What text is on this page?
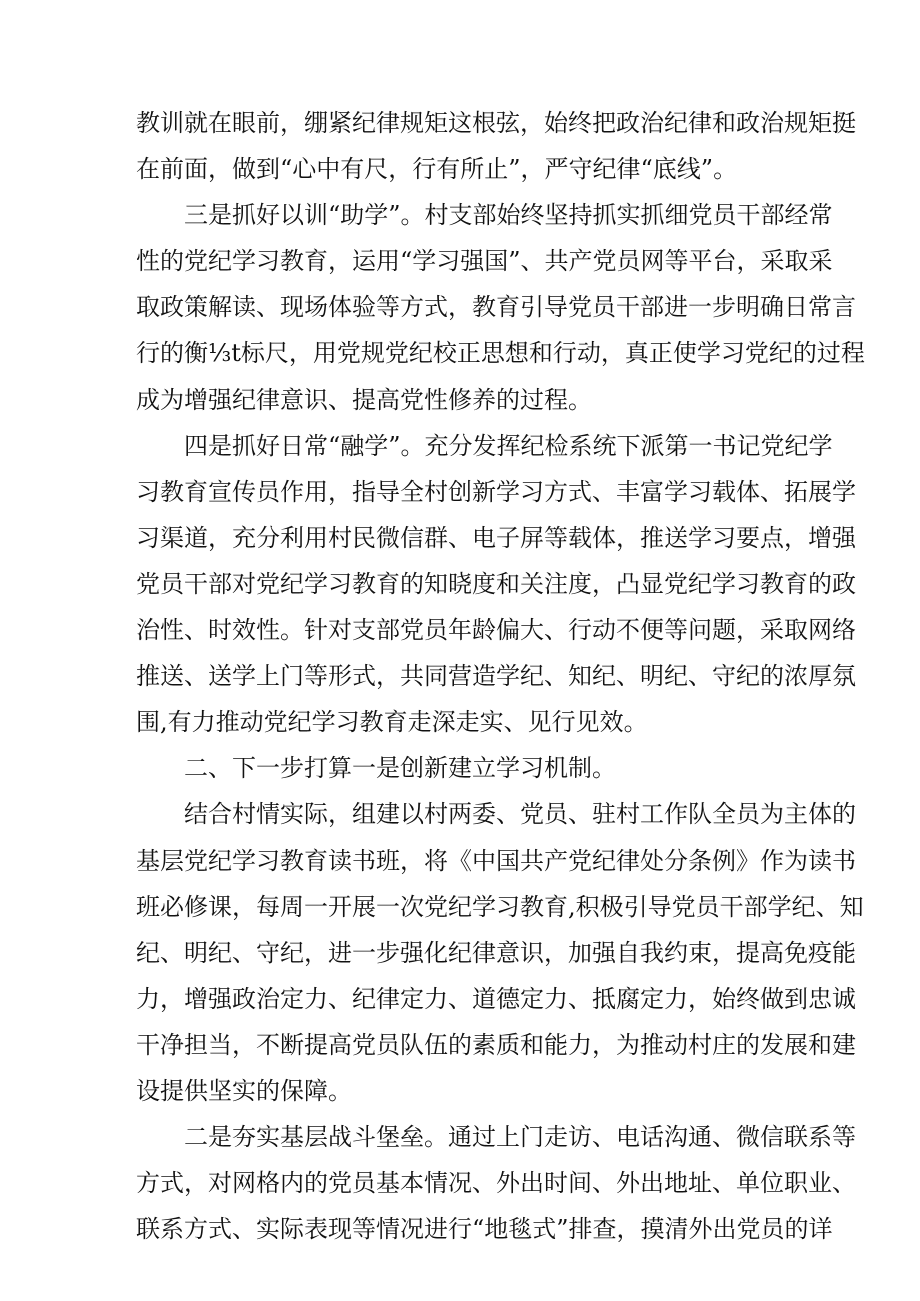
教训就在眼前，绷紧纪律规矩这根弦，始终把政治纪律和政治规矩挺
在前面，做到“心中有尺，行有所止”，严守纪律“底线”。
三是抓好以训“助学”。村支部始终坚持抓实抓细党员干部经常
性的党纪学习教育，运用“学习强国”、共产党员网等平台，采取采
取政策解读、现场体验等方式，教育引导党员干部进一步明确日常言
行的衡⅓t标尺，用党规党纪校正思想和行动，真正使学习党纪的过程
成为增强纪律意识、提高党性修养的过程。
四是抓好日常“融学”。充分发挥纪检系统下派第一书记党纪学
习教育宣传员作用，指导全村创新学习方式、丰富学习载体、拓展学
习渠道，充分利用村民微信群、电子屏等载体，推送学习要点，增强
党员干部对党纪学习教育的知晓度和关注度，凸显党纪学习教育的政
治性、时效性。针对支部党员年龄偏大、行动不便等问题，采取网络
推送、送学上门等形式，共同营造学纪、知纪、明纪、守纪的浓厚氛
围,有力推动党纪学习教育走深走实、见行见效。
二、下一步打算一是创新建立学习机制。
结合村情实际，组建以村两委、党员、驻村工作队全员为主体的
基层党纪学习教育读书班，将《中国共产党纪律处分条例》作为读书
班必修课，每周一开展一次党纪学习教育,积极引导党员干部学纪、知
纪、明纪、守纪，进一步强化纪律意识，加强自我约束，提高免疫能
力，增强政治定力、纪律定力、道德定力、抵腐定力，始终做到忠诚
干净担当，不断提高党员队伍的素质和能力，为推动村庄的发展和建
设提供坚实的保障。
二是夯实基层战斗堡垒。通过上门走访、电话沟通、微信联系等
方式，对网格内的党员基本情况、外出时间、外出地址、单位职业、
联系方式、实际表现等情况进行“地毯式”排查，摸清外出党员的详
